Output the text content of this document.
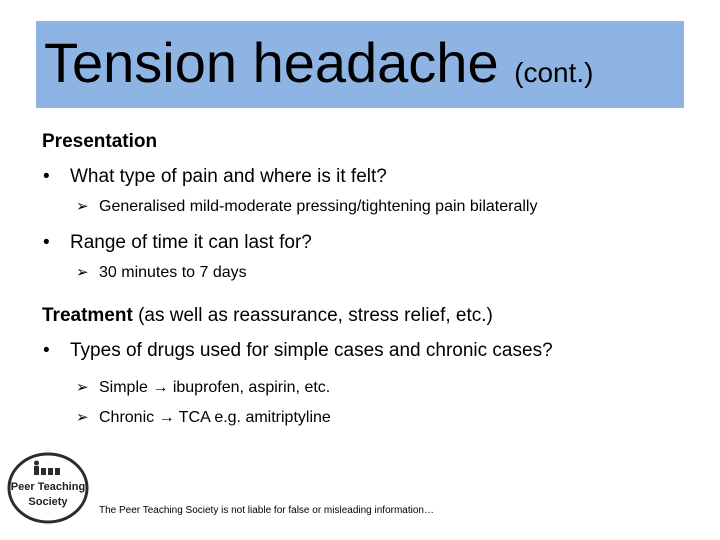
Tension headache (cont.)
Presentation
• What type of pain and where is it felt?
➢ Generalised mild-moderate pressing/tightening pain bilaterally
• Range of time it can last for?
➢ 30 minutes to 7 days
Treatment (as well as reassurance, stress relief, etc.)
• Types of drugs used for simple cases and chronic cases?
➢ Simple → ibuprofen, aspirin, etc.
➢ Chronic → TCA e.g. amitriptyline
Peer Teaching
Society
The Peer Teaching Society is not liable for false or misleading information…
